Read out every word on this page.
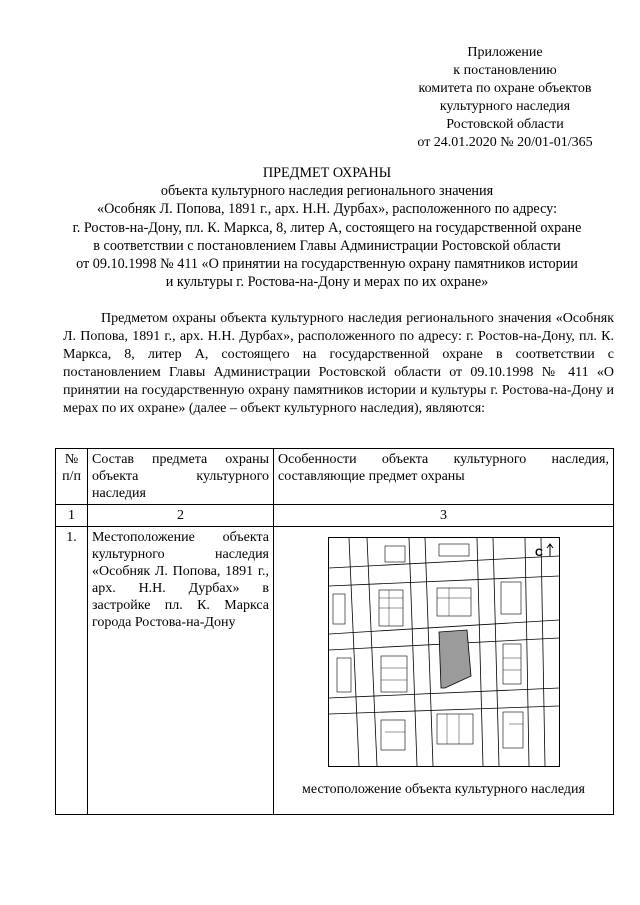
Приложение
к постановлению
комитета по охране объектов
культурного наследия
Ростовской области
от 24.01.2020 № 20/01-01/365
ПРЕДМЕТ ОХРАНЫ
объекта культурного наследия регионального значения
«Особняк Л. Попова, 1891 г., арх. Н.Н. Дурбах», расположенного по адресу:
г. Ростов-на-Дону, пл. К. Маркса, 8, литер А, состоящего на государственной охране
в соответствии с постановлением Главы Администрации Ростовской области
от 09.10.1998 № 411 «О принятии на государственную охрану памятников истории
и культуры г. Ростова-на-Дону и мерах по их охране»

Предметом охраны объекта культурного наследия регионального значения «Особняк Л. Попова, 1891 г., арх. Н.Н. Дурбах», расположенного по адресу: г. Ростов-на-Дону, пл. К. Маркса, 8, литер А, состоящего на государственной охране в соответствии с постановлением Главы Администрации Ростовской области от 09.10.1998 № 411 «О принятии на государственную охрану памятников истории и культуры г. Ростова-на-Дону и мерах по их охране» (далее – объект культурного наследия), являются:

№ п/п	Состав предмета охраны объекта культурного наследия	Особенности объекта культурного наследия, составляющие предмет охраны
1	2	3
1.	Местоположение объекта культурного наследия «Особняк Л. Попова, 1891 г., арх. Н.Н. Дурбах» в застройке пл. К. Маркса города Ростова-на-Дону	С
местоположение объекта культурного наследия
